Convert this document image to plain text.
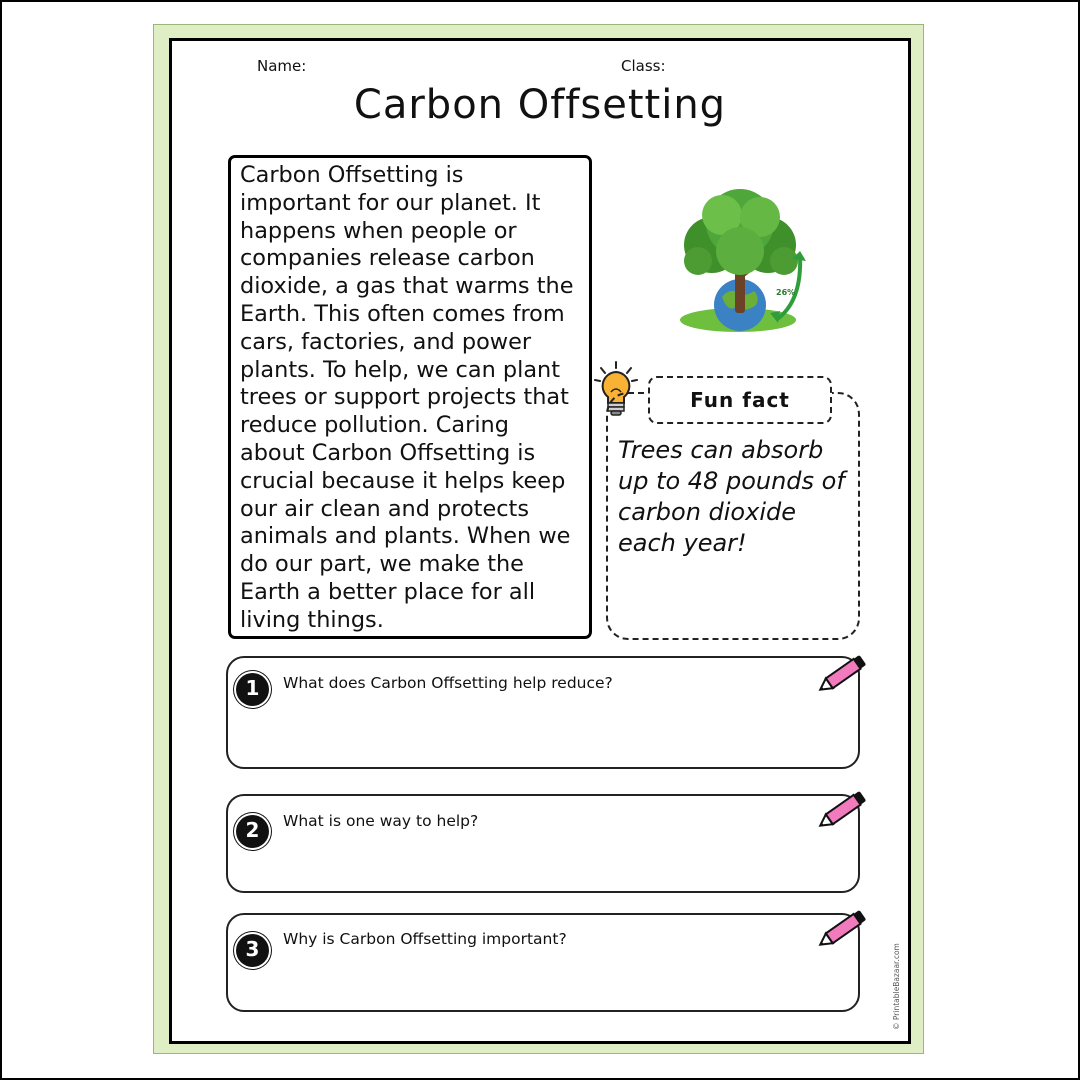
Name:	Class:
Carbon Offsetting
Carbon Offsetting is important for our planet. It happens when people or companies release carbon dioxide, a gas that warms the Earth. This often comes from cars, factories, and power plants. To help, we can plant trees or support projects that reduce pollution. Caring about Carbon Offsetting is crucial because it helps keep our air clean and protects animals and plants. When we do our part, we make the Earth a better place for all living things.
26%
Fun fact
Trees can absorb up to 48 pounds of carbon dioxide each year!
1	What does Carbon Offsetting help reduce?
2	What is one way to help?
3	Why is Carbon Offsetting important?
© PrintableBazaar.com
